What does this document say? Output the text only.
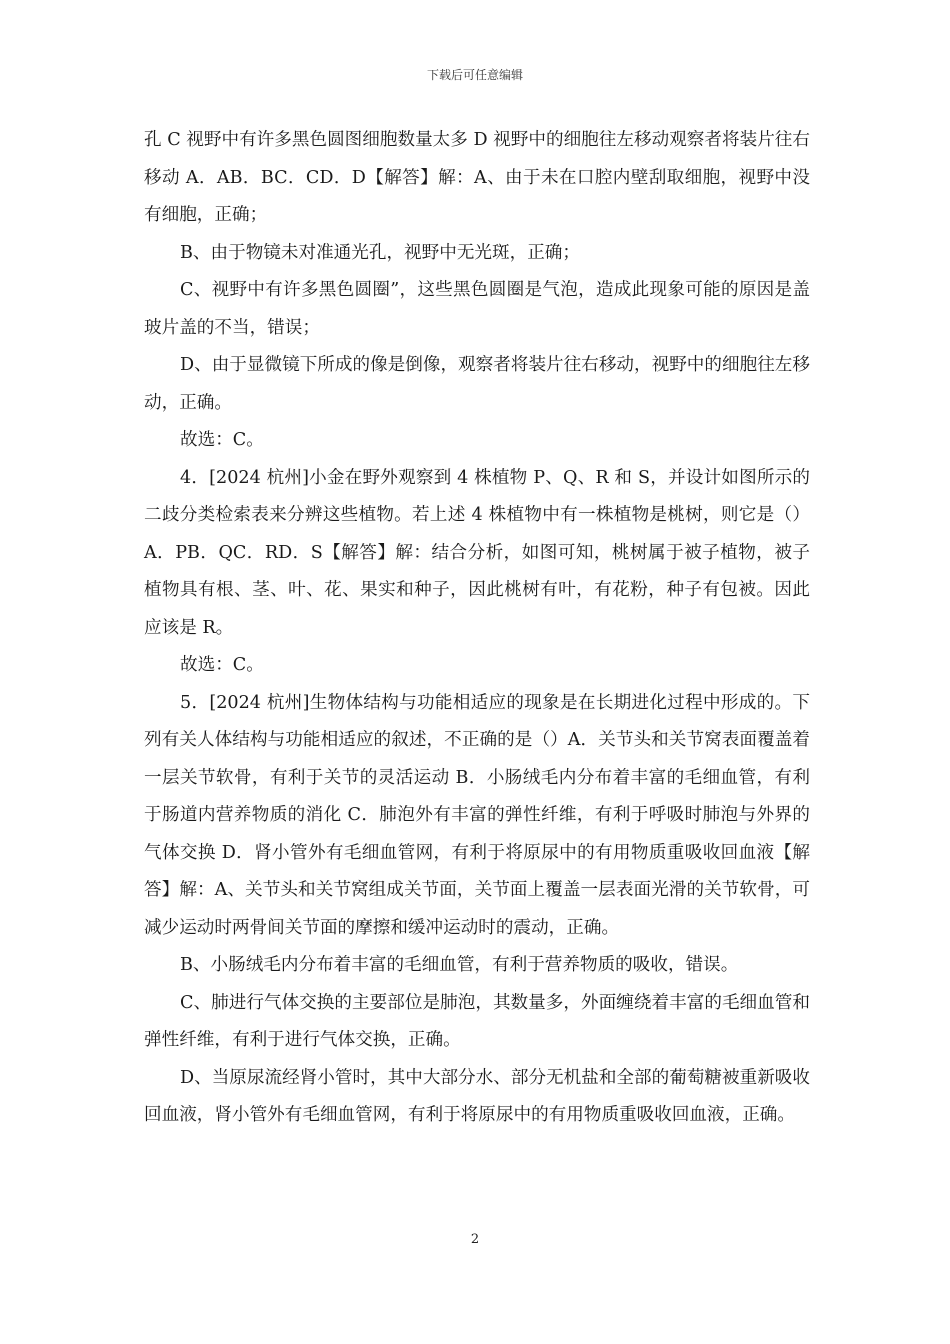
下载后可任意编辑

孔 C 视野中有许多黑色圆图细胞数量太多 D 视野中的细胞往左移动观察者将装片往右移动 A．AB．BC．CD．D【解答】解：A、由于未在口腔内壁刮取细胞，视野中没有细胞，正确；

B、由于物镜未对准通光孔，视野中无光斑，正确；

C、视野中有许多黑色圆圈”，这些黑色圆圈是气泡，造成此现象可能的原因是盖玻片盖的不当，错误；

D、由于显微镜下所成的像是倒像，观察者将装片往右移动，视野中的细胞往左移动，正确。

故选：C。

4．[2024 杭州]小金在野外观察到 4 株植物 P、Q、R 和 S，并设计如图所示的二歧分类检索表来分辨这些植物。若上述 4 株植物中有一株植物是桃树，则它是（）A．PB．QC．RD．S【解答】解：结合分析，如图可知，桃树属于被子植物，被子植物具有根、茎、叶、花、果实和种子，因此桃树有叶，有花粉，种子有包被。因此应该是 R。

故选：C。

5．[2024 杭州]生物体结构与功能相适应的现象是在长期进化过程中形成的。下列有关人体结构与功能相适应的叙述，不正确的是（）A．关节头和关节窝表面覆盖着一层关节软骨，有利于关节的灵活运动 B．小肠绒毛内分布着丰富的毛细血管，有利于肠道内营养物质的消化 C．肺泡外有丰富的弹性纤维，有利于呼吸时肺泡与外界的气体交换 D．肾小管外有毛细血管网，有利于将原尿中的有用物质重吸收回血液【解答】解：A、关节头和关节窝组成关节面，关节面上覆盖一层表面光滑的关节软骨，可减少运动时两骨间关节面的摩擦和缓冲运动时的震动，正确。

B、小肠绒毛内分布着丰富的毛细血管，有利于营养物质的吸收，错误。

C、肺进行气体交换的主要部位是肺泡，其数量多，外面缠绕着丰富的毛细血管和弹性纤维，有利于进行气体交换，正确。

D、当原尿流经肾小管时，其中大部分水、部分无机盐和全部的葡萄糖被重新吸收回血液，肾小管外有毛细血管网，有利于将原尿中的有用物质重吸收回血液，正确。

2
